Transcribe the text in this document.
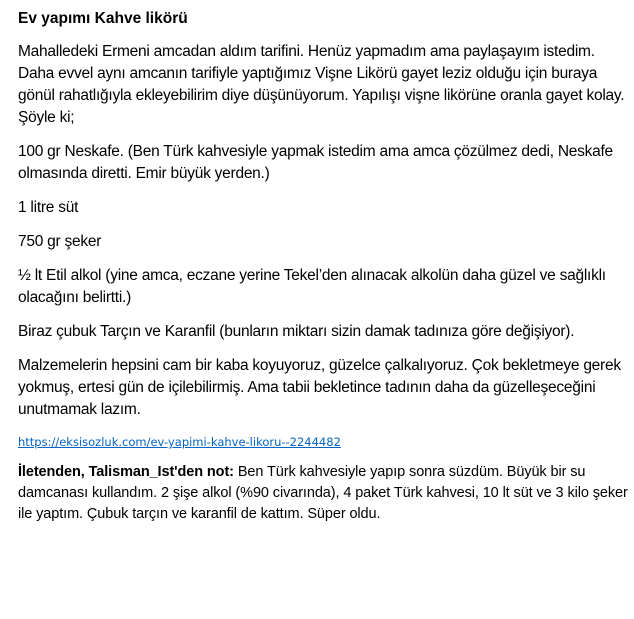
Ev yapımı Kahve likörü

Mahalledeki Ermeni amcadan aldım tarifini. Henüz yapmadım ama paylaşayım istedim. Daha evvel aynı amcanın tarifiyle yaptığımız Vişne Likörü gayet leziz olduğu için buraya gönül rahatlığıyla ekleyebilirim diye düşünüyorum. Yapılışı vişne likörüne oranla gayet kolay. Şöyle ki;

100 gr Neskafe. (Ben Türk kahvesiyle yapmak istedim ama amca çözülmez dedi, Neskafe olmasında diretti. Emir büyük yerden.)

1 litre süt

750 gr şeker

½ lt Etil alkol (yine amca, eczane yerine Tekel’den alınacak alkolün daha güzel ve sağlıklı olacağını belirtti.)

Biraz çubuk Tarçın ve Karanfil (bunların miktarı sizin damak tadınıza göre değişiyor).

Malzemelerin hepsini cam bir kaba koyuyoruz, güzelce çalkalıyoruz. Çok bekletmeye gerek yokmuş, ertesi gün de içilebilirmiş. Ama tabii bekletince tadının daha da güzelleşeceğini unutmamak lazım.

https://eksisozluk.com/ev-yapimi-kahve-likoru--2244482

İletenden, Talisman_Ist'den not: Ben Türk kahvesiyle yapıp sonra süzdüm. Büyük bir su damcanası kullandım. 2 şişe alkol (%90 civarında), 4 paket Türk kahvesi, 10 lt süt ve 3 kilo şeker ile yaptım. Çubuk tarçın ve karanfil de kattım. Süper oldu.
